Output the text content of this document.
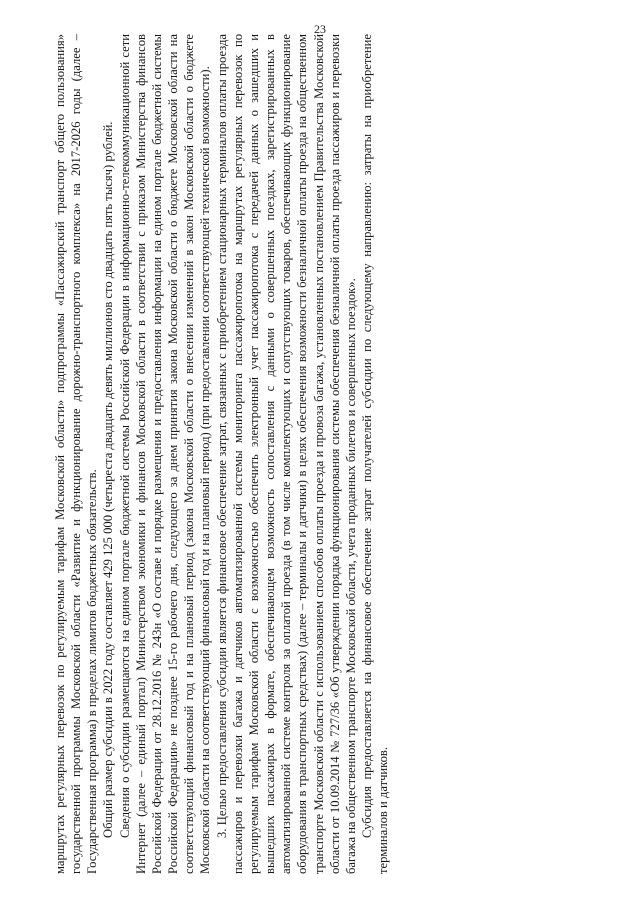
23

маршрутах регулярных перевозок по регулируемым тарифам Московской области» подпрограммы «Пассажирский транспорт общего пользования» государственной программы Московской области «Развитие и функционирование дорожно-транспортного комплекса» на 2017-2026 годы (далее – Государственная программа) в пределах лимитов бюджетных обязательств. Общий размер субсидии в 2022 году составляет 429 125 000 (четыреста двадцать девять миллионов сто двадцать пять тысяч) рублей. Сведения о субсидии размещаются на едином портале бюджетной системы Российской Федерации в информационно-телекоммуникационной сети Интернет (далее – единый портал) Министерством экономики и финансов Московской области в соответствии с приказом Министерства финансов Российской Федерации от 28.12.2016 № 243н «О составе и порядке размещения и предоставления информации на едином портале бюджетной системы Российской Федерации» не позднее 15-го рабочего дня, следующего за днем принятия закона Московской области о бюджете Московской области на соответствующий финансовый год и на плановый период (закона Московской области о внесении изменений в закон Московской области о бюджете Московской области на соответствующий финансовый год и на плановый период) (при предоставлении соответствующей технической возможности). 3. Целью предоставления субсидии является финансовое обеспечение затрат, связанных с приобретением стационарных терминалов оплаты проезда пассажиров и перевозки багажа и датчиков автоматизированной системы мониторинга пассажиропотока на маршрутах регулярных перевозок по регулируемым тарифам Московской области с возможностью обеспечить электронный учет пассажиропотока с передачей данных о зашедших и вышедших пассажирах в формате, обеспечивающем возможность сопоставления с данными о совершенных поездках, зарегистрированных в автоматизированной системе контроля за оплатой проезда (в том числе комплектующих и сопутствующих товаров, обеспечивающих функционирование оборудования в транспортных средствах) (далее – терминалы и датчики) в целях обеспечения возможности безналичной оплаты проезда на общественном транспорте Московской области с использованием способов оплаты проезда и провоза багажа, установленных постановлением Правительства Московской области от 10.09.2014 № 727/36 «Об утверждении порядка функционирования системы обеспечения безналичной оплаты проезда пассажиров и перевозки багажа на общественном транспорте Московской области, учета проданных билетов и совершенных поездок». Субсидия предоставляется на финансовое обеспечение затрат получателей субсидии по следующему направлению: затраты на приобретение терминалов и датчиков.
